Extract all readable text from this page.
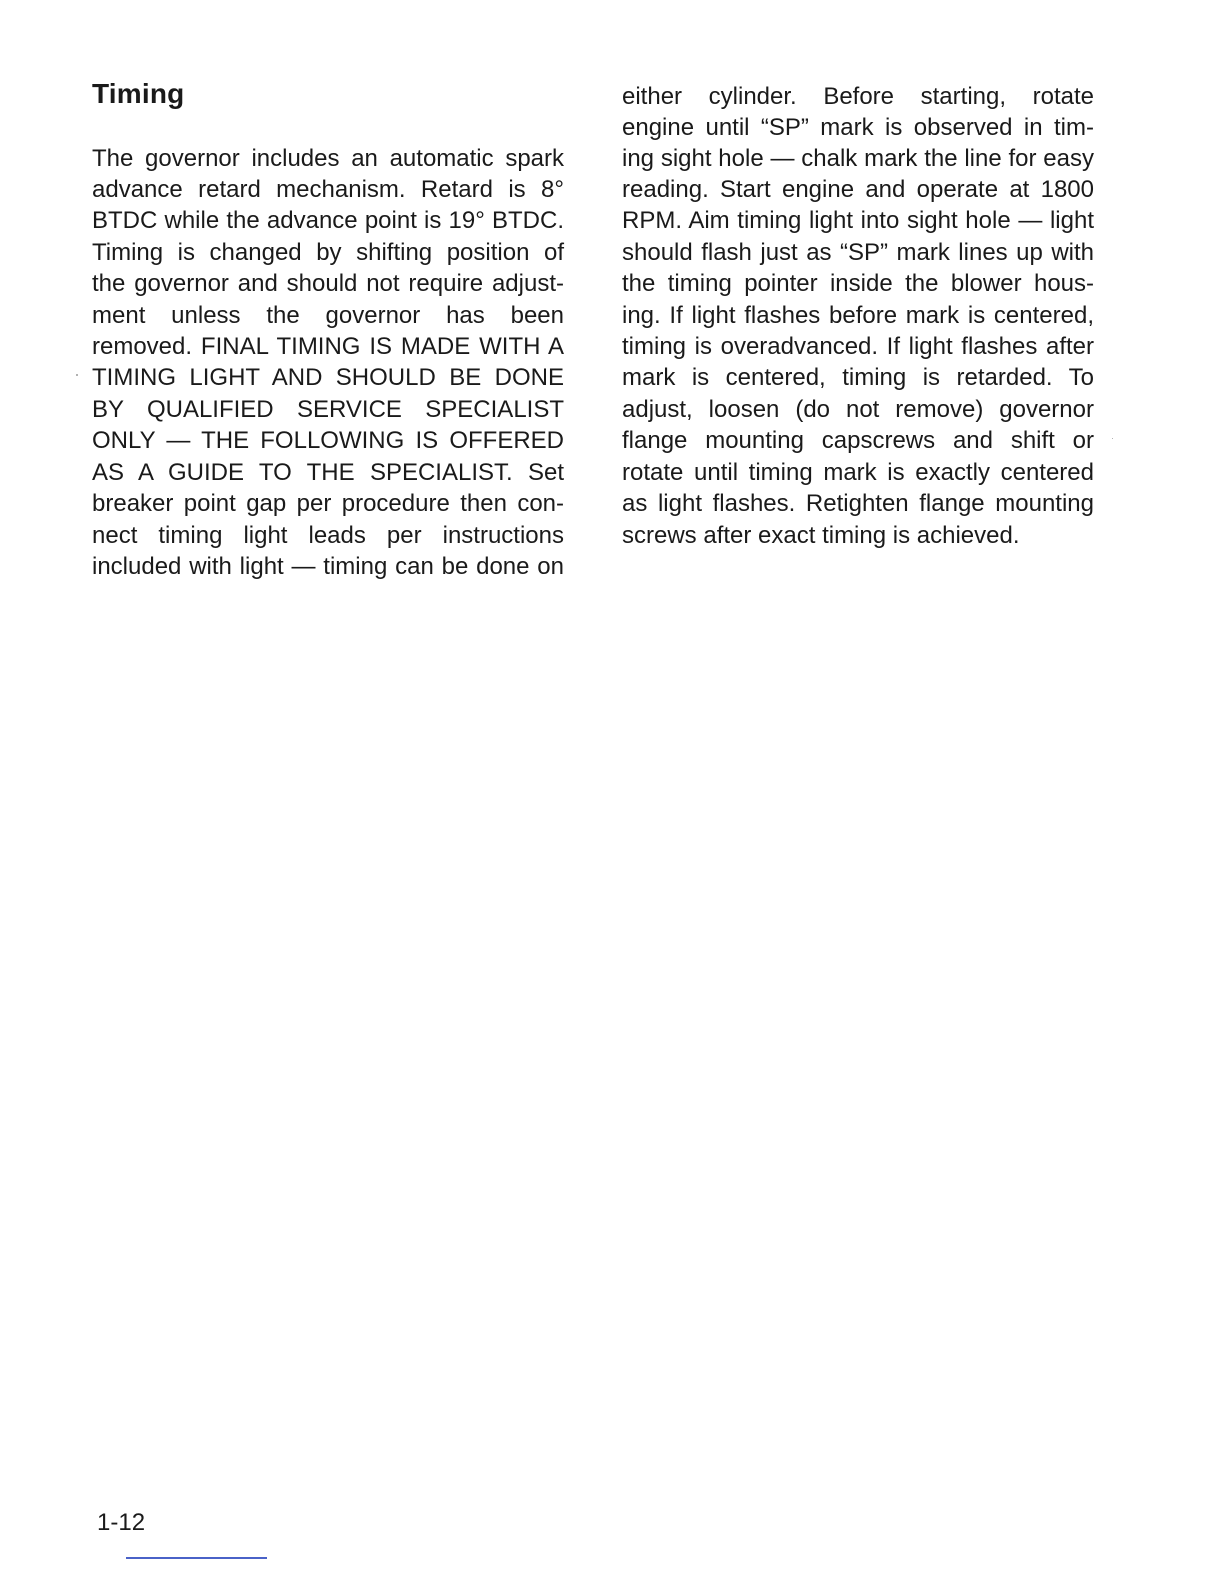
Timing
The governor includes an automatic spark
advance retard mechanism. Retard is 8°
BTDC while the advance point is 19° BTDC.
Timing is changed by shifting position of
the governor and should not require adjust-
ment unless the governor has been
removed. FINAL TIMING IS MADE WITH A
TIMING LIGHT AND SHOULD BE DONE
BY QUALIFIED SERVICE SPECIALIST
ONLY — THE FOLLOWING IS OFFERED
AS A GUIDE TO THE SPECIALIST. Set
breaker point gap per procedure then con-
nect timing light leads per instructions
included with light — timing can be done on
either cylinder. Before starting, rotate
engine until “SP” mark is observed in tim-
ing sight hole — chalk mark the line for easy
reading. Start engine and operate at 1800
RPM. Aim timing light into sight hole — light
should flash just as “SP” mark lines up with
the timing pointer inside the blower hous-
ing. If light flashes before mark is centered,
timing is overadvanced. If light flashes after
mark is centered, timing is retarded. To
adjust, loosen (do not remove) governor
flange mounting capscrews and shift or
rotate until timing mark is exactly centered
as light flashes. Retighten flange mounting
screws after exact timing is achieved.
1-12
